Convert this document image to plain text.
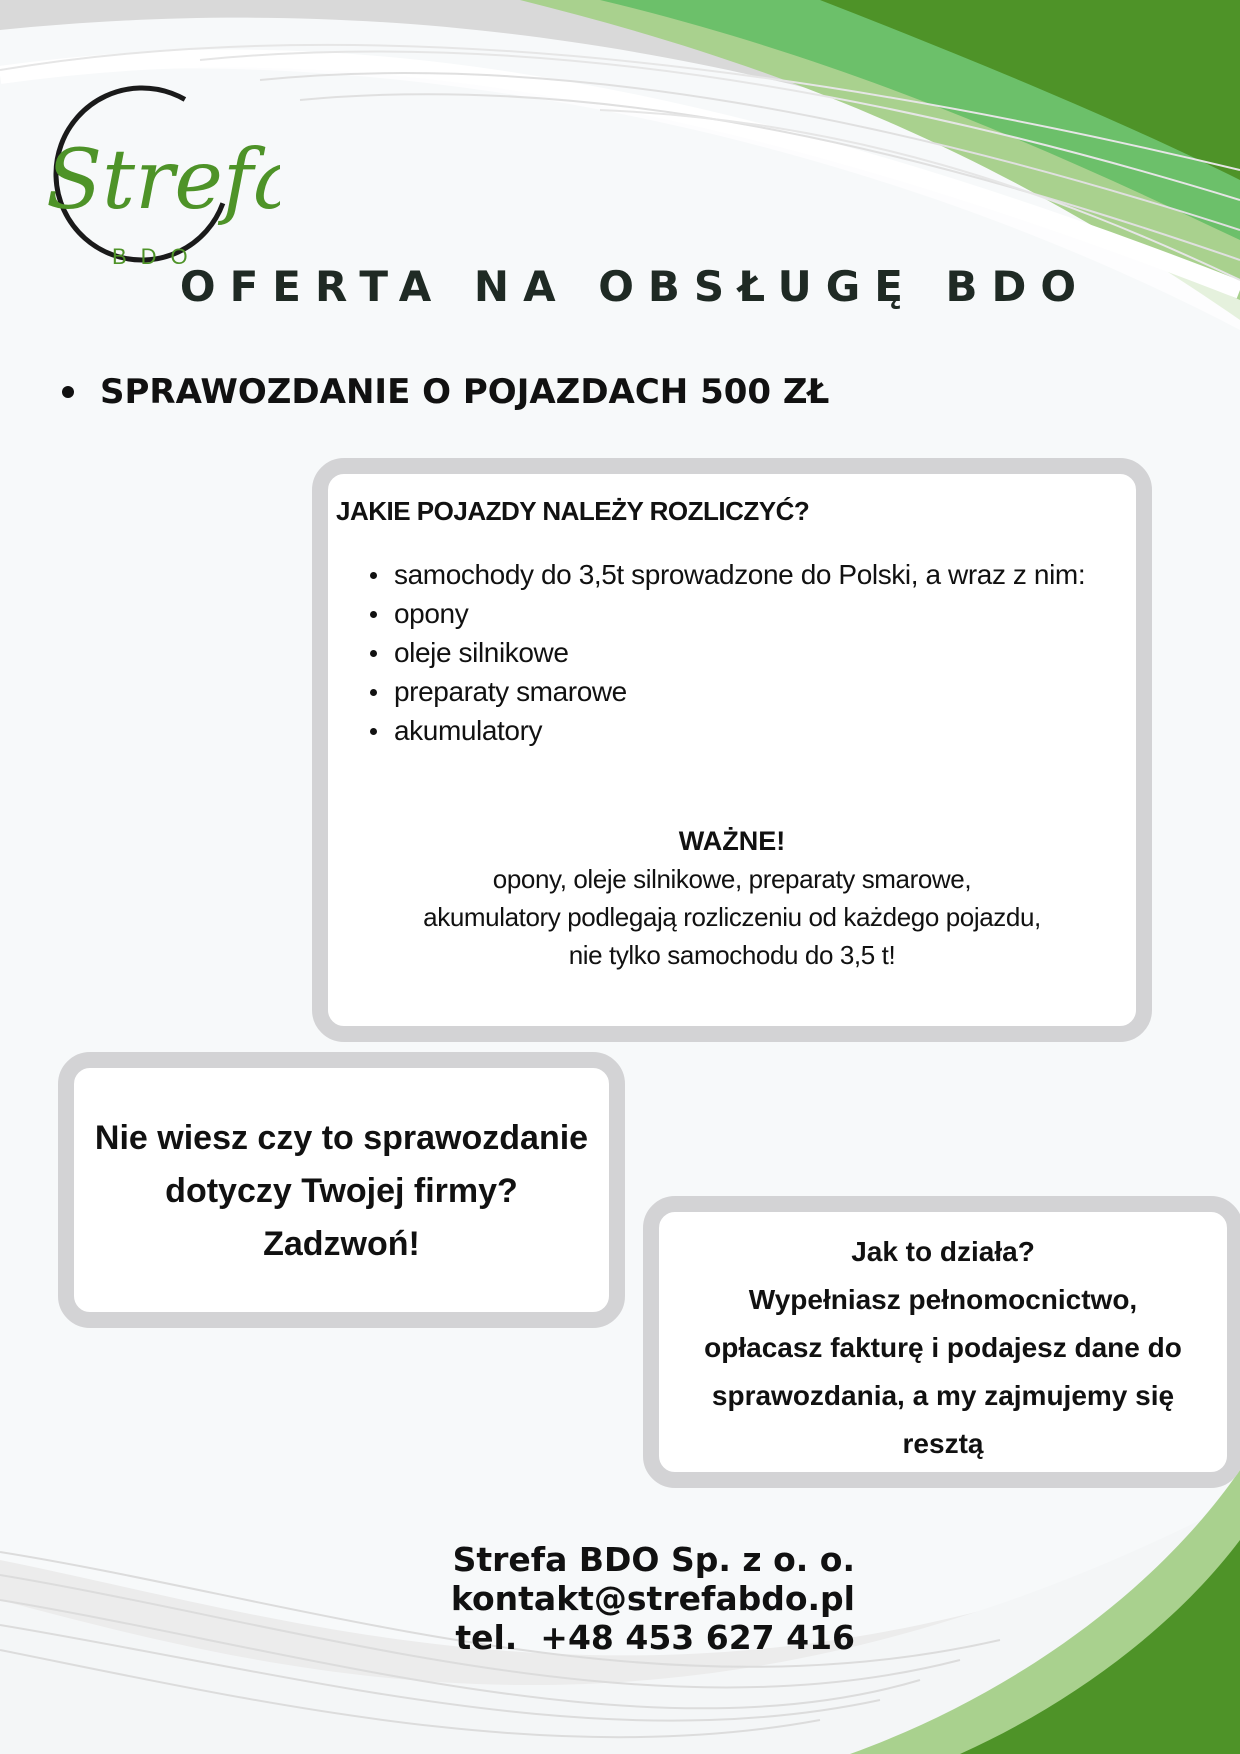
Strefa
BDO
OFERTA NA OBSŁUGĘ BDO
SPRAWOZDANIE O POJAZDACH 500 ZŁ
JAKIE POJAZDY NALEŻY ROZLICZYĆ?
samochody do 3,5t sprowadzone do Polski, a wraz z nim:
opony
oleje silnikowe
preparaty smarowe
akumulatory
WAŻNE!
opony, oleje silnikowe, preparaty smarowe,
akumulatory podlegają rozliczeniu od każdego pojazdu,
nie tylko samochodu do 3,5 t!
Nie wiesz czy to sprawozdanie
dotyczy Twojej firmy?
Zadzwoń!	Jak to działa?
Wypełniasz pełnomocnictwo,
opłacasz fakturę i podajesz dane do
sprawozdania, a my zajmujemy się
resztą
Strefa BDO Sp. z o. o.
kontakt@strefabdo.pl
tel.  +48 453 627 416
